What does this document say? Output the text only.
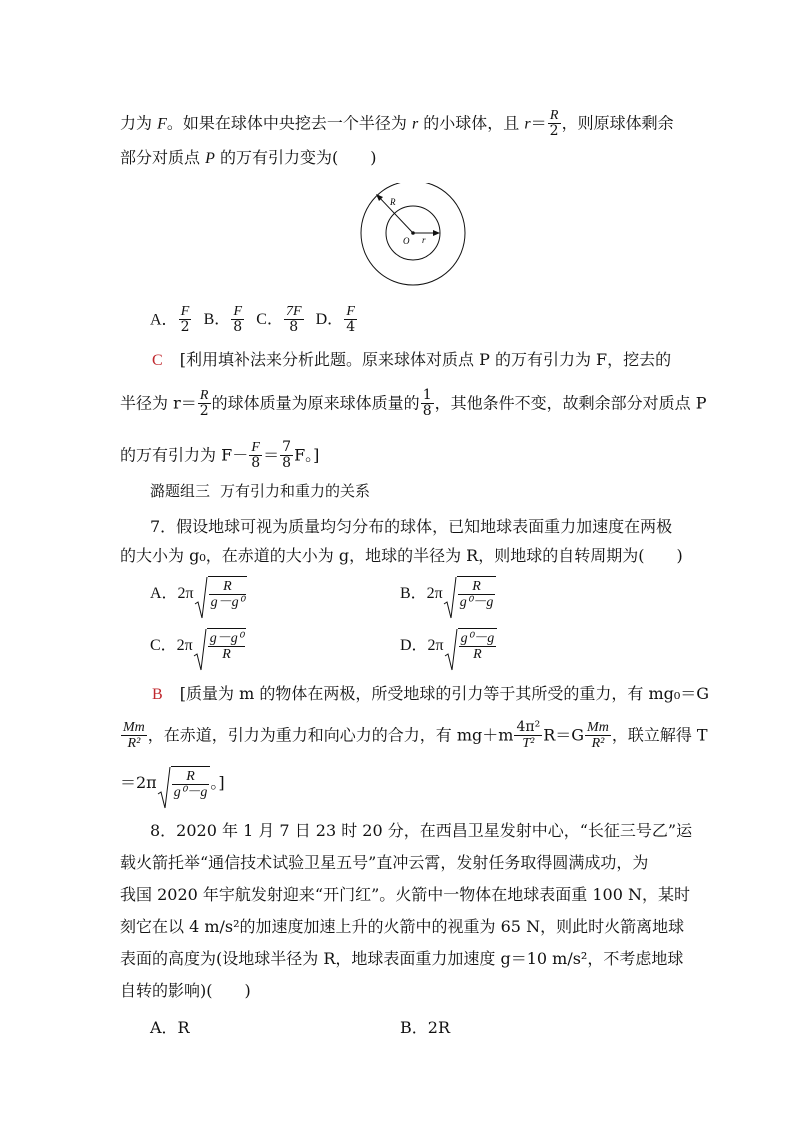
力为 F。如果在球体中央挖去一个半径为 r 的小球体，且 $r= \frac{R}{2}$ ，则原球体剩余
部分对质点 P 的万有引力变为(　　)
R
O r
A． $\frac{F}{2}$ B． $\frac{F}{8}$ C． $\frac{7F}{8}$ D． $\frac{F}{4}$
C [利用填补法来分析此题。原来球体对质点 P 的万有引力为 F，挖去的
半径为 $r= \frac{R}{2}$ 的球体质量为原来球体质量的 $\frac{1}{8}$ ，其他条件不变，故剩余部分对质点 P
的万有引力为 $F- \frac{F}{8} = \frac{7}{8}$ F。]
潞题组三 万有引力和重力的关系
7．假设地球可视为质量均匀分布的球体，已知地球表面重力加速度在两极
的大小为 g₀，在赤道的大小为 g，地球的半径为 R，则地球的自转周期为(　　)
A．$2\pi \frac{R}{\text{g－g⁰}}$	B．$2\pi \frac{R}{\text{g⁰－g}}$
C．$2\pi \frac{\text{g－g⁰}}{R}$	D．$2\pi \frac{\text{g⁰－g}}{R}$
B [质量为 m 的物体在两极，所受地球的引力等于其所受的重力，有 mg₀＝G
$\frac{Mm}{\text{R²}}$ ，在赤道，引力为重力和向心力的合力，有 $mg+m \frac{\text{4π²}}{\text{T²}} R=G \frac{Mm}{\text{R²}}$ ，联立解得 T
$=2\pi \frac{R}{\text{g⁰－g}}$ 。]
8．2020 年 1 月 7 日 23 时 20 分，在西昌卫星发射中心，“长征三号乙”运
载火箭托举“通信技术试验卫星五号”直冲云霄，发射任务取得圆满成功，为
我国 2020 年宇航发射迎来“开门红”。火箭中一物体在地球表面重 100 N，某时
刻它在以 4 m/s²的加速度加速上升的火箭中的视重为 65 N，则此时火箭离地球
表面的高度为(设地球半径为 R，地球表面重力加速度 g＝10 m/s²，不考虑地球
自转的影响)(　　)
A．R	B．2R
